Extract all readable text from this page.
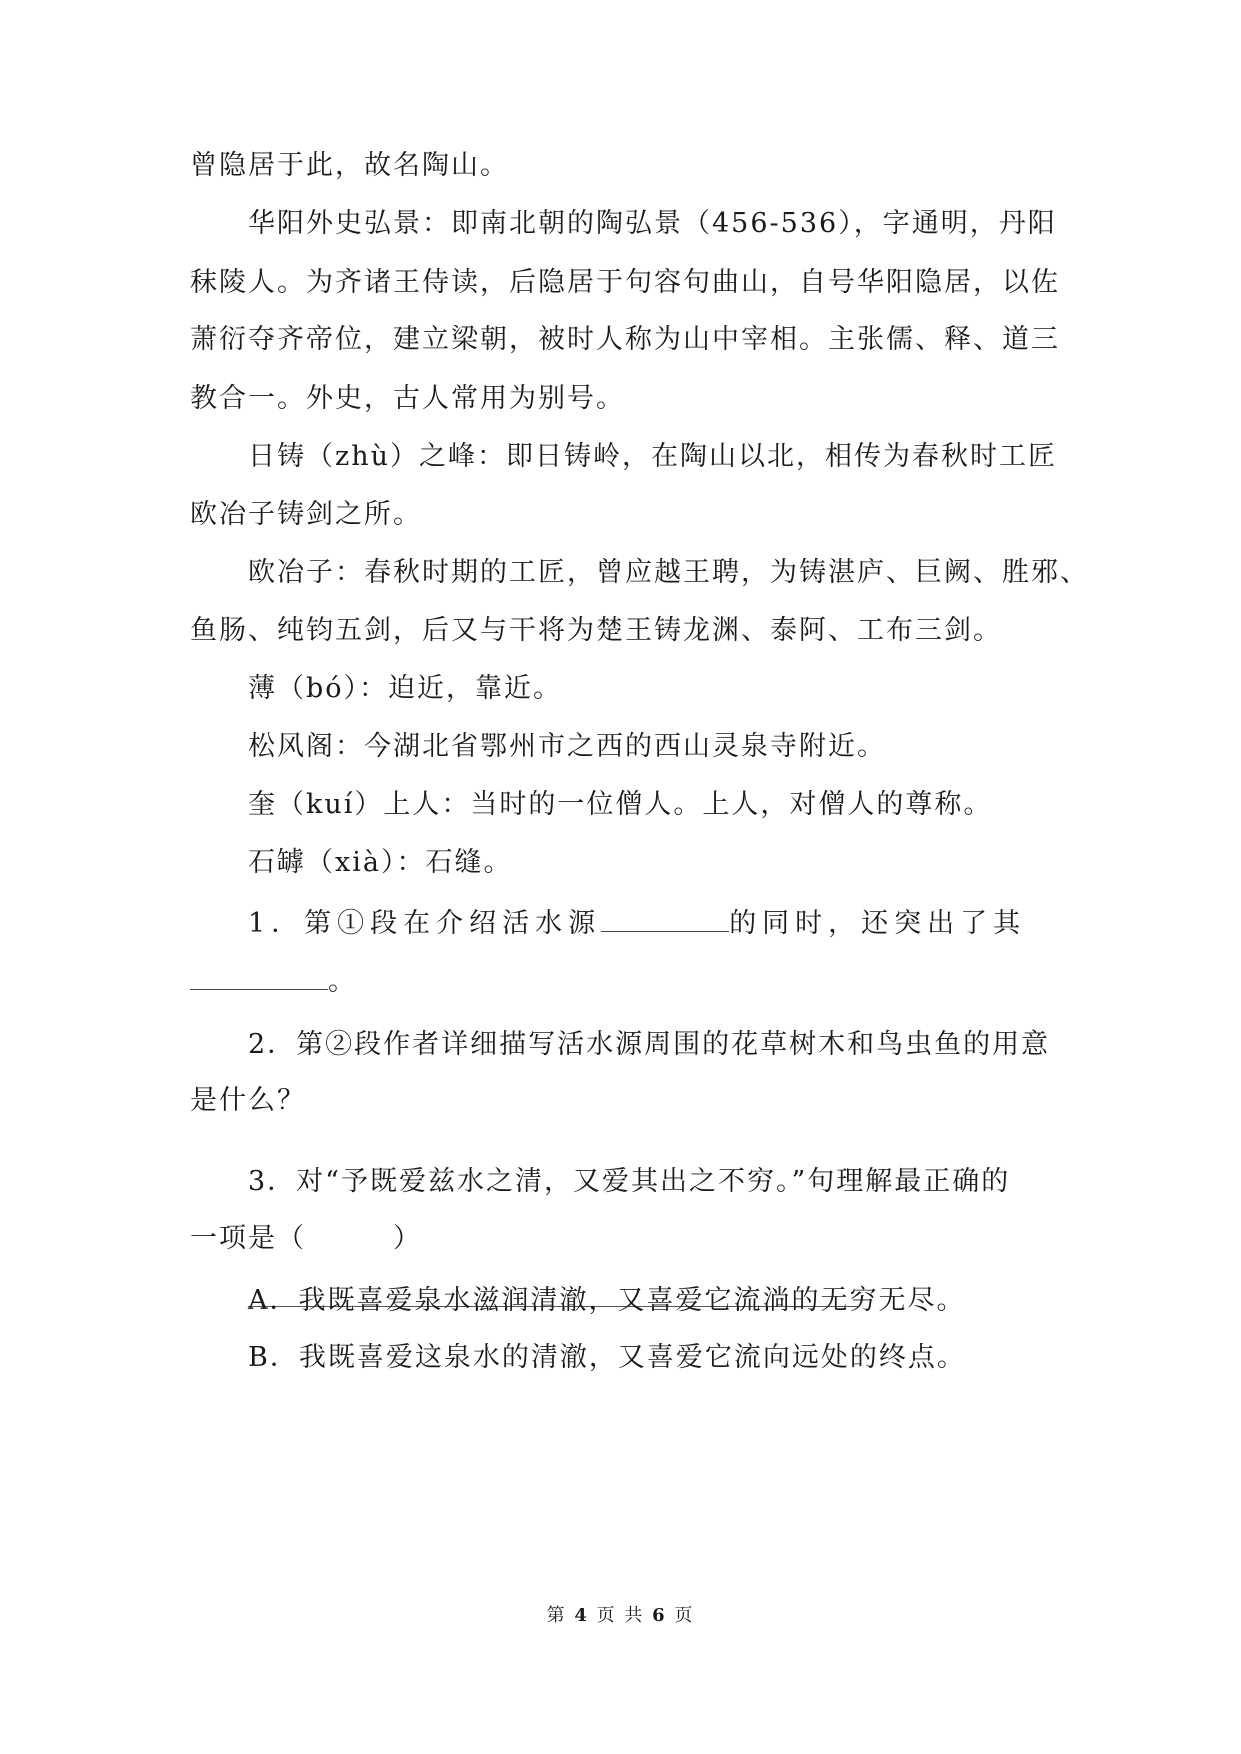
曾隐居于此，故名陶山。
华阳外史弘景：即南北朝的陶弘景（456-536），字通明，丹阳
秣陵人。为齐诸王侍读，后隐居于句容句曲山，自号华阳隐居，以佐
萧衍夺齐帝位，建立梁朝，被时人称为山中宰相。主张儒、释、道三
教合一。外史，古人常用为别号。
日铸（zhù）之峰：即日铸岭，在陶山以北，相传为春秋时工匠
欧冶子铸剑之所。
欧冶子：春秋时期的工匠，曾应越王聘，为铸湛庐、巨阙、胜邪、
鱼肠、纯钧五剑，后又与干将为楚王铸龙渊、泰阿、工布三剑。
薄（bó）：迫近，靠近。
松风阁：今湖北省鄂州市之西的西山灵泉寺附近。
奎（kuí）上人：当时的一位僧人。上人，对僧人的尊称。
石罅（xià）：石缝。
1．第①段在介绍活水源	的同时，还突出了其
。
2．第②段作者详细描写活水源周围的花草树木和鸟虫鱼的用意
是什么？
3．对“予既爱兹水之清，又爱其出之不穷。”句理解最正确的
一项是（　　　）
A．我既喜爱泉水滋润清澈，又喜爱它流淌的无穷无尽。
B．我既喜爱这泉水的清澈，又喜爱它流向远处的终点。
第 4 页 共 6 页
